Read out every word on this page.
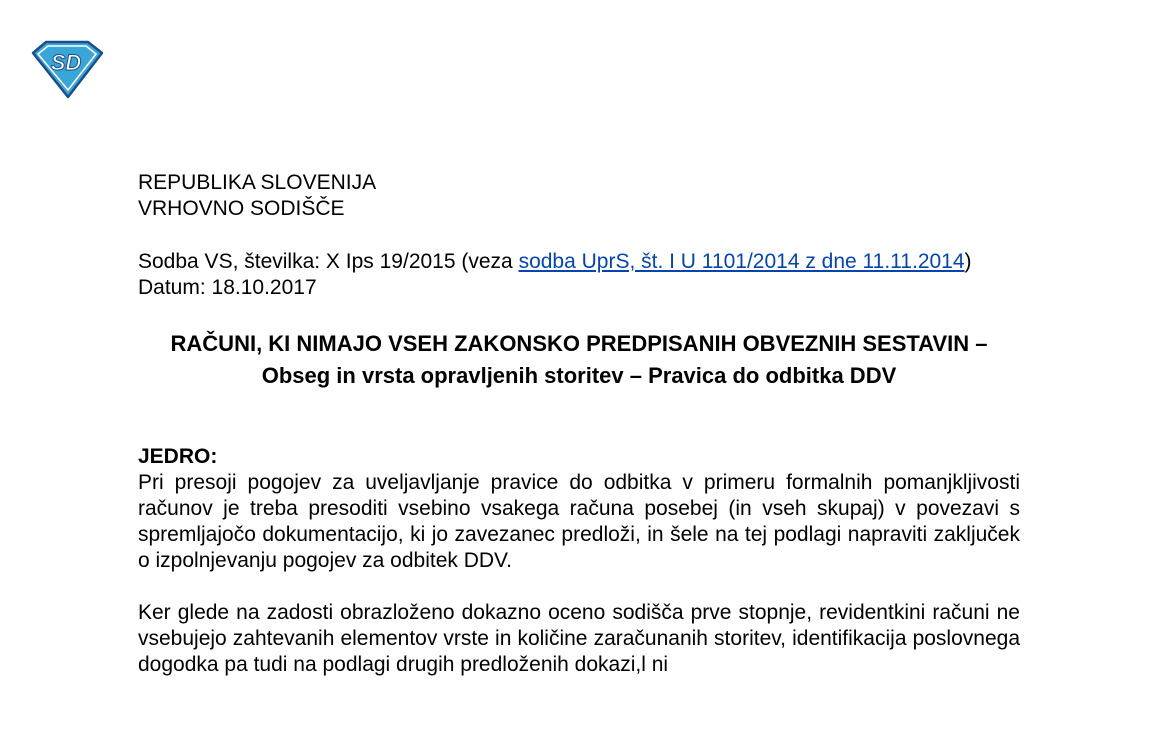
SD
REPUBLIKA SLOVENIJA
VRHOVNO SODIŠČE
Sodba VS, številka: X Ips 19/2015 (veza sodba UprS, št. I U 1101/2014 z dne 11.11.2014)
Datum: 18.10.2017
RAČUNI, KI NIMAJO VSEH ZAKONSKO PREDPISANIH OBVEZNIH SESTAVIN – Obseg in vrsta opravljenih storitev – Pravica do odbitka DDV
JEDRO:

Pri presoji pogojev za uveljavljanje pravice do odbitka v primeru formalnih pomanjkljivosti računov je treba presoditi vsebino vsakega računa posebej (in vseh skupaj) v povezavi s spremljajočo dokumentacijo, ki jo zavezanec predloži, in šele na tej podlagi napraviti zaključek o izpolnjevanju pogojev za odbitek DDV.

Ker glede na zadosti obrazloženo dokazno oceno sodišča prve stopnje, revidentkini računi ne vsebujejo zahtevanih elementov vrste in količine zaračunanih storitev, identifikacija poslovnega dogodka pa tudi na podlagi drugih predloženih dokazi,l ni
